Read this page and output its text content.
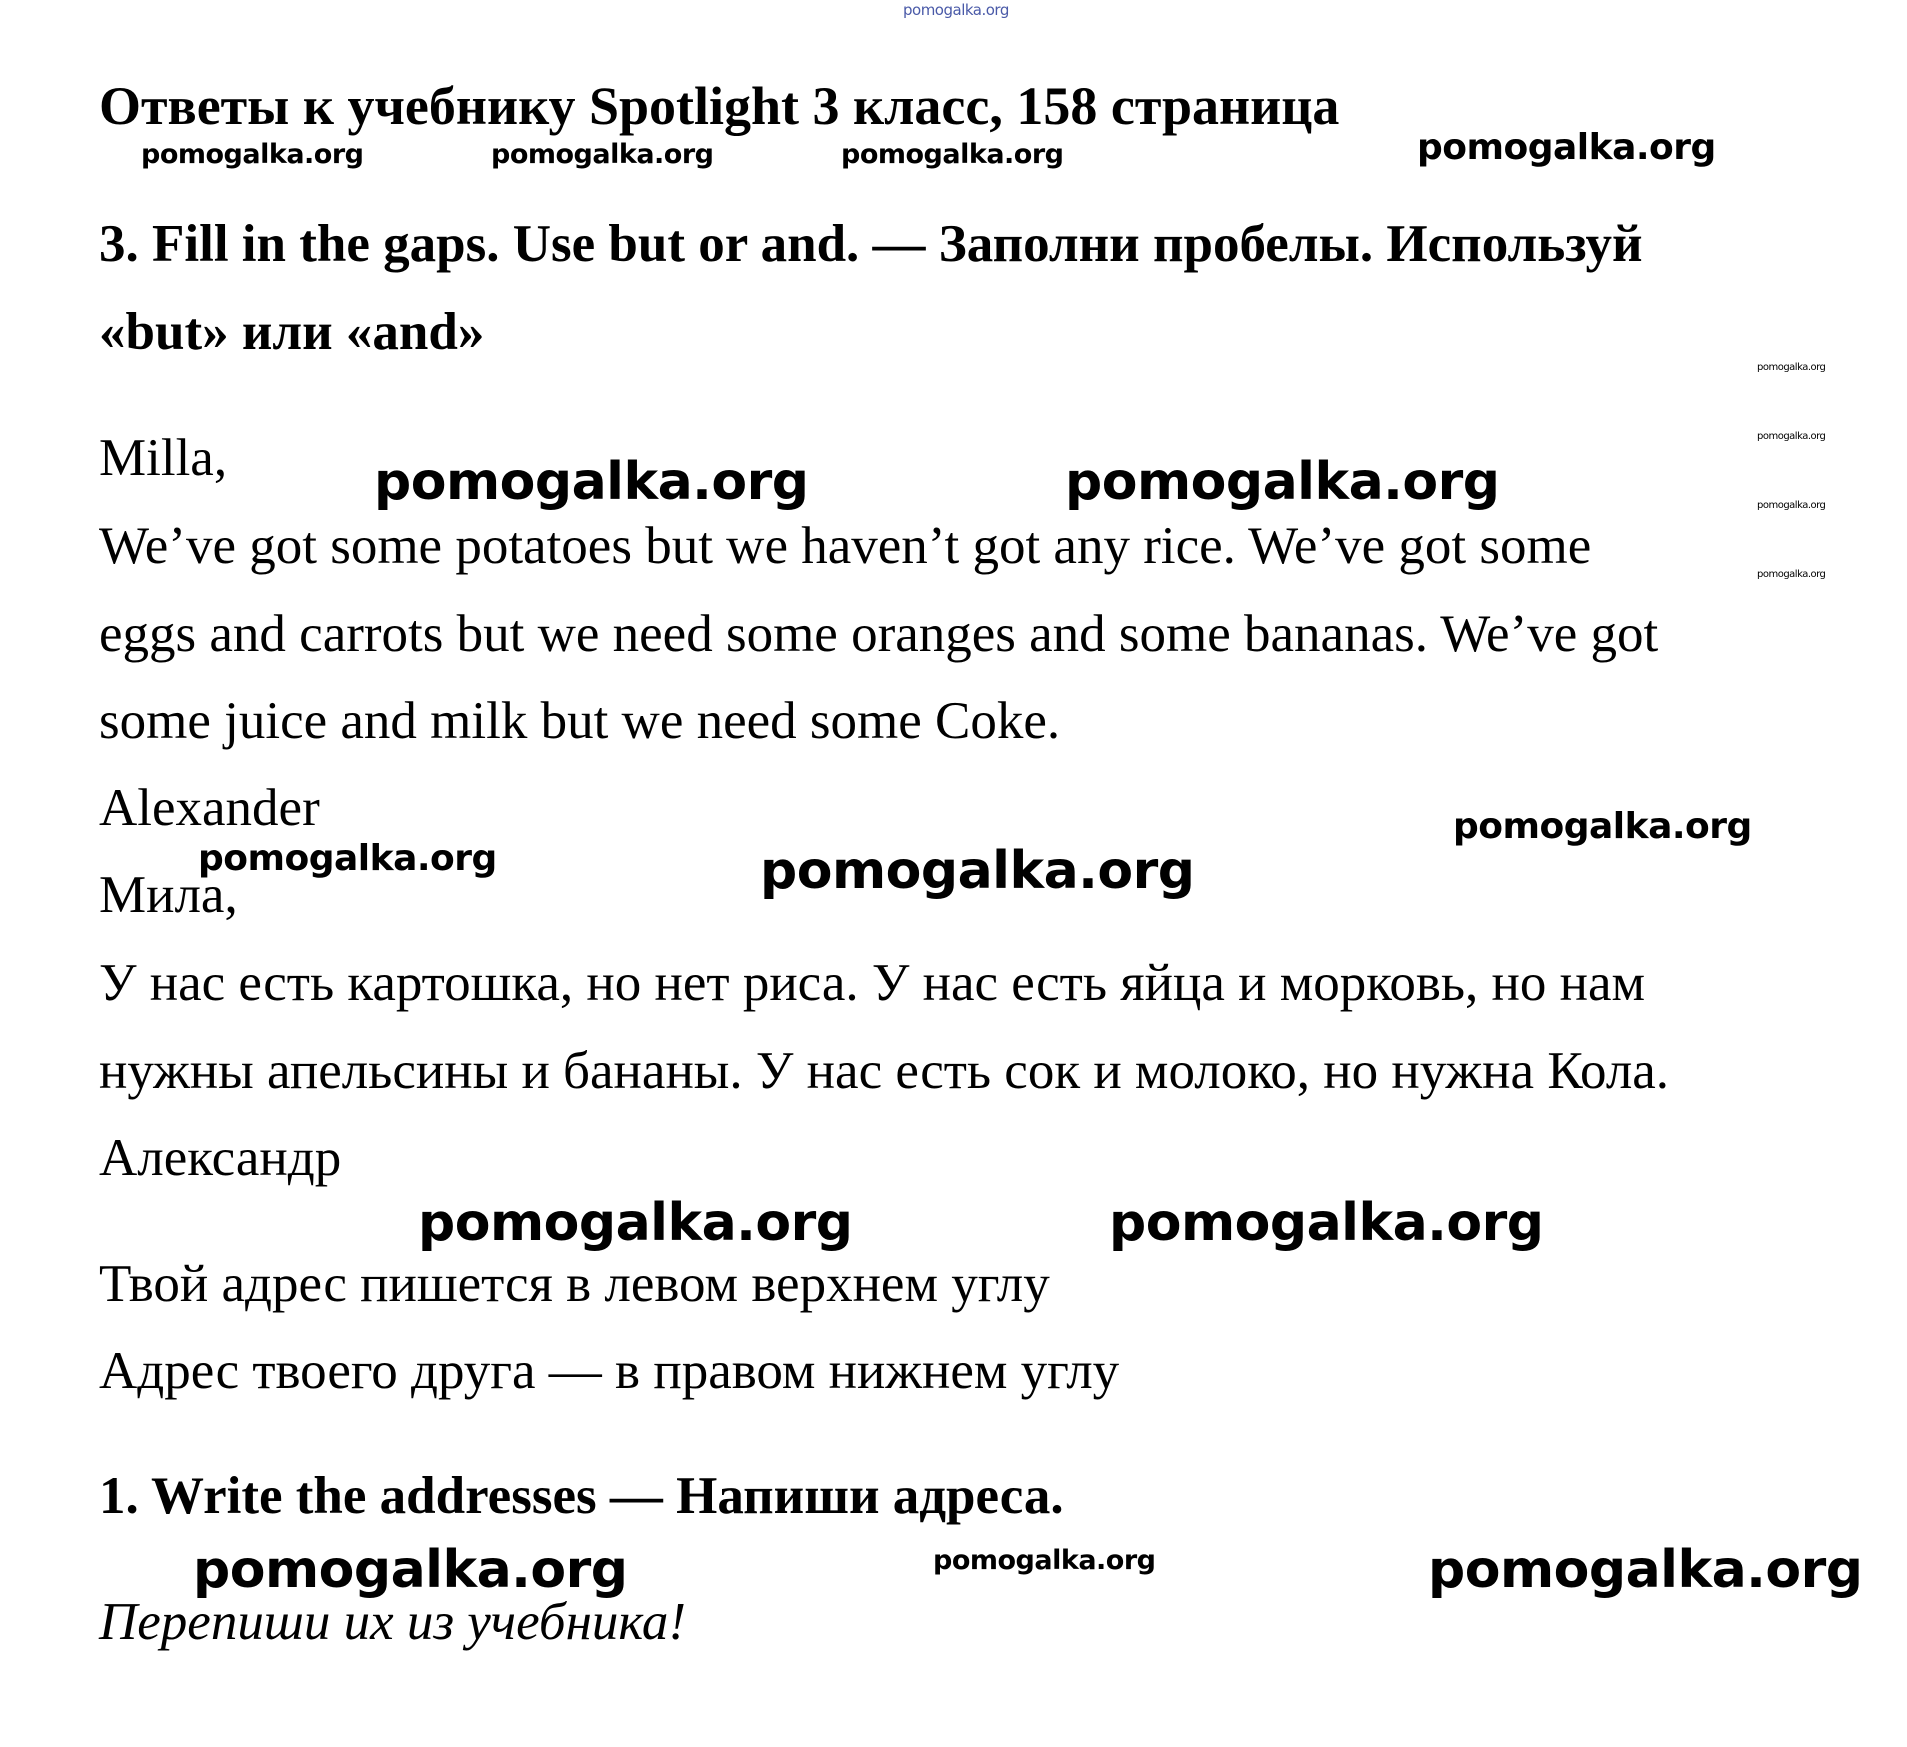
Ответы к учебнику Spotlight 3 класс, 158 страница
3. Fill in the gaps. Use but or and. — Заполни пробелы. Используй
«but» или «and»
Milla,
We’ve got some potatoes but we haven’t got any rice. We’ve got some
eggs and carrots but we need some oranges and some bananas. We’ve got
some juice and milk but we need some Coke.
Alexander
Мила,
У нас есть картошка, но нет риса. У нас есть яйца и морковь, но нам
нужны апельсины и бананы. У нас есть сок и молоко, но нужна Кола.
Александр
Твой адрес пишется в левом верхнем углу
Адрес твоего друга — в правом нижнем углу
1. Write the addresses — Напиши адреса.
Перепиши их из учебника!
pomogalka.org
pomogalka.org	pomogalka.org	pomogalka.org	pomogalka.org
pomogalka.org
pomogalka.org
pomogalka.org
pomogalka.org
pomogalka.org	pomogalka.org
pomogalka.org
pomogalka.org	pomogalka.org
pomogalka.org	pomogalka.org
pomogalka.org
pomogalka.org	pomogalka.org
